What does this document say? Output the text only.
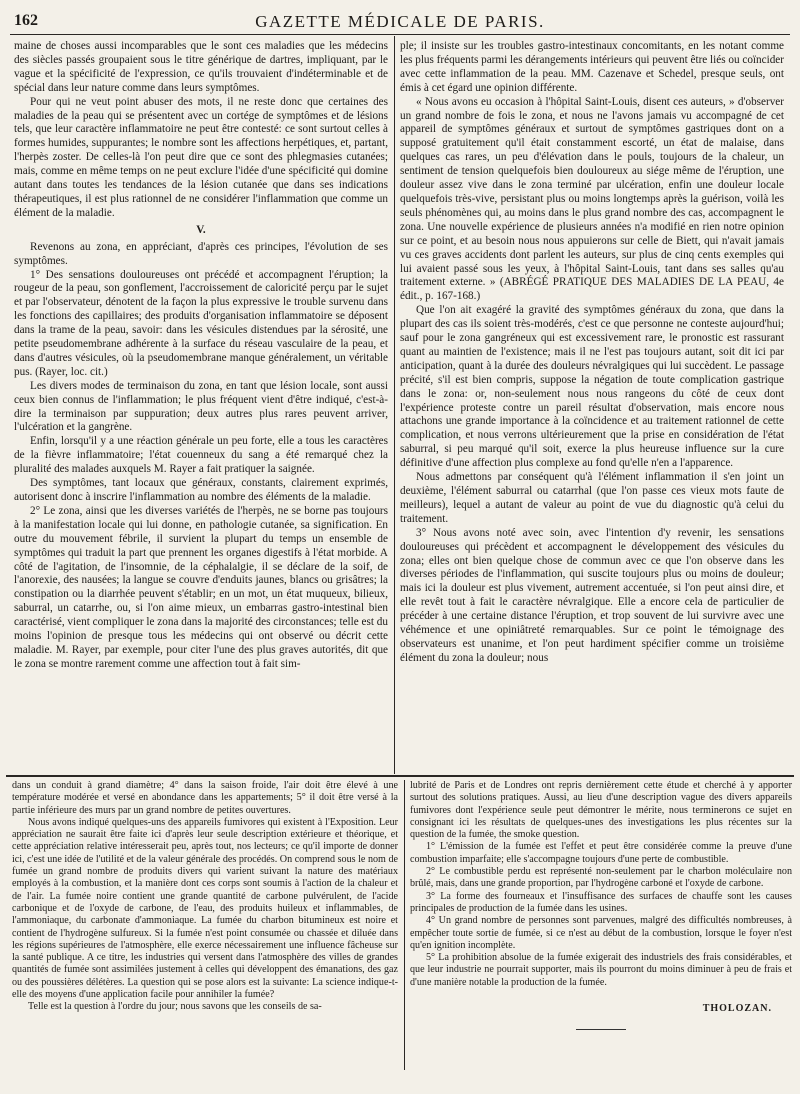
162	GAZETTE MÉDICALE DE PARIS.

maine de choses aussi incomparables que le sont ces maladies que les médecins des siècles passés groupaient sous le titre générique de dartres, impliquant, par le vague et la spécificité de l'expression, ce qu'ils trouvaient d'indéterminable et de spécial dans leur nature comme dans leurs symptômes.

Pour qui ne veut point abuser des mots, il ne reste donc que certaines des maladies de la peau qui se présentent avec un cortége de symptômes et de lésions tels, que leur caractère inflammatoire ne peut être contesté: ce sont surtout celles à formes humides, suppurantes; le nombre sont les affections herpétiques, et, partant, l'herpès zoster. De celles-là l'on peut dire que ce sont des phlegmasies cutanées; mais, comme en même temps on ne peut exclure l'idée d'une spécificité qui domine autant dans toutes les tendances de la lésion cutanée que dans ses indications thérapeutiques, il est plus rationnel de ne considérer l'inflammation que comme un élément de la maladie.

V.

Revenons au zona, en appréciant, d'après ces principes, l'évolution de ses symptômes.

1° Des sensations douloureuses ont précédé et accompagnent l'éruption; la rougeur de la peau, son gonflement, l'accroissement de caloricité perçu par le sujet et par l'observateur, dénotent de la façon la plus expressive le trouble survenu dans les fonctions des capillaires; des produits d'organisation inflammatoire se déposent dans la trame de la peau, savoir: dans les vésicules distendues par la sérosité, une petite pseudomembrane adhérente à la surface du réseau vasculaire de la peau, et dans d'autres vésicules, où la pseudomembrane manque généralement, un véritable pus. (Rayer, loc. cit.)

Les divers modes de terminaison du zona, en tant que lésion locale, sont aussi ceux bien connus de l'inflammation; le plus fréquent vient d'être indiqué, c'est-à-dire la terminaison par suppuration; deux autres plus rares peuvent arriver, l'ulcération et la gangrène.

Enfin, lorsqu'il y a une réaction générale un peu forte, elle a tous les caractères de la fièvre inflammatoire; l'état couenneux du sang a été remarqué chez la pluralité des malades auxquels M. Rayer a fait pratiquer la saignée.

Des symptômes, tant locaux que généraux, constants, clairement exprimés, autorisent donc à inscrire l'inflammation au nombre des éléments de la maladie.

2° Le zona, ainsi que les diverses variétés de l'herpès, ne se borne pas toujours à la manifestation locale qui lui donne, en pathologie cutanée, sa signification. En outre du mouvement fébrile, il survient la plupart du temps un ensemble de symptômes qui traduit la part que prennent les organes digestifs à l'état morbide. A côté de l'agitation, de l'insomnie, de la céphalalgie, il se déclare de la soif, de l'anorexie, des nausées; la langue se couvre d'enduits jaunes, blancs ou grisâtres; la constipation ou la diarrhée peuvent s'établir; en un mot, un état muqueux, bilieux, saburral, un catarrhe, ou, si l'on aime mieux, un embarras gastro-intestinal bien caractérisé, vient compliquer le zona dans la majorité des circonstances; telle est du moins l'opinion de presque tous les médecins qui ont observé ou décrit cette maladie. M. Rayer, par exemple, pour citer l'une des plus graves autorités, dit que le zona se montre rarement comme une affection tout à fait sim-

ple; il insiste sur les troubles gastro-intestinaux concomitants, en les notant comme les plus fréquents parmi les dérangements intérieurs qui peuvent être liés ou coïncider avec cette inflammation de la peau. MM. Cazenave et Schedel, presque seuls, ont émis à cet égard une opinion différente.

« Nous avons eu occasion à l'hôpital Saint-Louis, disent ces auteurs, » d'observer un grand nombre de fois le zona, et nous ne l'avons jamais vu accompagné de cet appareil de symptômes généraux et surtout de symptômes gastriques dont on a supposé gratuitement qu'il était constamment escorté, un état de malaise, dans quelques cas rares, un peu d'élévation dans le pouls, toujours de la chaleur, un sentiment de tension quelquefois bien douloureux au siége même de l'éruption, une douleur assez vive dans le zona terminé par ulcération, enfin une douleur locale quelquefois très-vive, persistant plus ou moins longtemps après la guérison, voilà les seuls phénomènes qui, au moins dans le plus grand nombre des cas, accompagnent le zona. Une nouvelle expérience de plusieurs années n'a modifié en rien notre opinion sur ce point, et au besoin nous nous appuierons sur celle de Biett, qui n'avait jamais vu ces graves accidents dont parlent les auteurs, sur plus de cinq cents exemples qui lui avaient passé sous les yeux, à l'hôpital Saint-Louis, tant dans ses salles qu'au traitement externe. » (ABRÉGÉ PRATIQUE DES MALADIES DE LA PEAU, 4e édit., p. 167-168.)

Que l'on ait exagéré la gravité des symptômes généraux du zona, que dans la plupart des cas ils soient très-modérés, c'est ce que personne ne conteste aujourd'hui; sauf pour le zona gangréneux qui est excessivement rare, le pronostic est rassurant quant au maintien de l'existence; mais il ne l'est pas toujours autant, soit dit ici par anticipation, quant à la durée des douleurs névralgiques qui lui succèdent. Le passage précité, s'il est bien compris, suppose la négation de toute complication gastrique dans le zona: or, non-seulement nous nous rangeons du côté de ceux dont l'expérience proteste contre un pareil résultat d'observation, mais encore nous attachons une grande importance à la coïncidence et au traitement rationnel de cette complication, et nous verrons ultérieurement que la prise en considération de l'état saburral, si peu marqué qu'il soit, exerce la plus heureuse influence sur la cure définitive d'une affection plus complexe au fond qu'elle n'en a l'apparence.

Nous admettons par conséquent qu'à l'élément inflammation il s'en joint un deuxième, l'élément saburral ou catarrhal (que l'on passe ces vieux mots faute de meilleurs), lequel a autant de valeur au point de vue du diagnostic qu'à celui du traitement.

3° Nous avons noté avec soin, avec l'intention d'y revenir, les sensations douloureuses qui précèdent et accompagnent le développement des vésicules du zona; elles ont bien quelque chose de commun avec ce que l'on observe dans les diverses périodes de l'inflammation, qui suscite toujours plus ou moins de douleur; mais ici la douleur est plus vivement, autrement accentuée, si l'on peut ainsi dire, et elle revêt tout à fait le caractère névralgique. Elle a encore cela de particulier de précéder à une certaine distance l'éruption, et trop souvent de lui survivre avec une véhémence et une opiniâtreté remarquables. Sur ce point le témoignage des observateurs est unanime, et l'on peut hardiment spécifier comme un troisième élément du zona la douleur; nous

dans un conduit à grand diamètre; 4° dans la saison froide, l'air doit être élevé à une température modérée et versé en abondance dans les appartements; 5° il doit être versé à la partie inférieure des murs par un grand nombre de petites ouvertures.

Nous avons indiqué quelques-uns des appareils fumivores qui existent à l'Exposition. Leur appréciation ne saurait être faite ici d'après leur seule description extérieure et théorique, et cette appréciation relative intéresserait peu, après tout, nos lecteurs; ce qu'il importe de donner ici, c'est une idée de l'utilité et de la valeur générale des procédés. On comprend sous le nom de fumée un grand nombre de produits divers qui varient suivant la nature des matériaux employés à la combustion, et la manière dont ces corps sont soumis à l'action de la chaleur et de l'air. La fumée noire contient une grande quantité de carbone pulvérulent, de l'acide carbonique et de l'oxyde de carbone, de l'eau, des produits huileux et inflammables, de l'ammoniaque, du carbonate d'ammoniaque. La fumée du charbon bitumineux est noire et contient de l'hydrogène sulfureux. Si la fumée n'est point consumée ou chassée et diluée dans les régions supérieures de l'atmosphère, elle exerce nécessairement une influence fâcheuse sur la santé publique. A ce titre, les industries qui versent dans l'atmosphère des villes de grandes quantités de fumée sont assimilées justement à celles qui développent des émanations, des gaz ou des poussières délétères. La question qui se pose alors est la suivante: La science indique-t-elle des moyens d'une application facile pour annihiler la fumée?

Telle est la question à l'ordre du jour; nous savons que les conseils de sa-

lubrité de Paris et de Londres ont repris dernièrement cette étude et cherché à y apporter surtout des solutions pratiques. Aussi, au lieu d'une description vague des divers appareils fumivores dont l'expérience seule peut démontrer le mérite, nous terminerons ce sujet en consignant ici les résultats de quelques-unes des investigations les plus récentes sur la question de la fumée, the smoke question.

1° L'émission de la fumée est l'effet et peut être considérée comme la preuve d'une combustion imparfaite; elle s'accompagne toujours d'une perte de combustible.

2° Le combustible perdu est représenté non-seulement par le charbon moléculaire non brûlé, mais, dans une grande proportion, par l'hydrogène carboné et l'oxyde de carbone.

3° La forme des fourneaux et l'insuffisance des surfaces de chauffe sont les causes principales de production de la fumée dans les usines.

4° Un grand nombre de personnes sont parvenues, malgré des difficultés nombreuses, à empêcher toute sortie de fumée, si ce n'est au début de la combustion, lorsque le foyer n'est qu'en ignition incomplète.

5° La prohibition absolue de la fumée exigerait des industriels des frais considérables, et que leur industrie ne pourrait supporter, mais ils pourront du moins diminuer à peu de frais et d'une manière notable la production de la fumée.

THOLOZAN.
